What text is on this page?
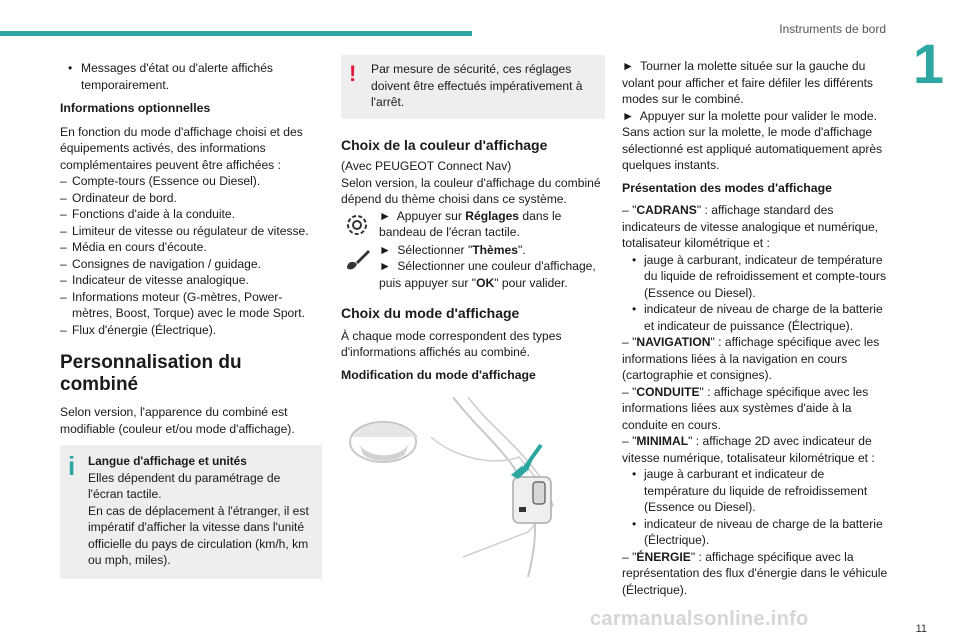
Instruments de bord
1
• Messages d'état ou d'alerte affichés temporairement.

Informations optionnelles

En fonction du mode d'affichage choisi et des équipements activés, des informations complémentaires peuvent être affichées :

– Compte-tours (Essence ou Diesel).
– Ordinateur de bord.
– Fonctions d'aide à la conduite.
– Limiteur de vitesse ou régulateur de vitesse.
– Média en cours d'écoute.
– Consignes de navigation / guidage.
– Indicateur de vitesse analogique.
– Informations moteur (G-mètres, Power-mètres, Boost, Torque) avec le mode Sport.
– Flux d'énergie (Électrique).

Personnalisation du combiné

Selon version, l'apparence du combiné est modifiable (couleur et/ou mode d'affichage).

i Langue d'affichage et unités

Elles dépendent du paramétrage de l'écran tactile.

En cas de déplacement à l'étranger, il est impératif d'afficher la vitesse dans l'unité officielle du pays de circulation (km/h, km ou mph, miles).

! Par mesure de sécurité, ces réglages doivent être effectués impérativement à l'arrêt.

Choix de la couleur d'affichage

(Avec PEUGEOT Connect Nav)

Selon version, la couleur d'affichage du combiné dépend du thème choisi dans ce système.

► Appuyer sur Réglages dans le bandeau de l'écran tactile.

► Sélectionner "Thèmes".
► Sélectionner une couleur d'affichage, puis appuyer sur "OK" pour valider.

Choix du mode d'affichage

À chaque mode correspondent des types d'informations affichés au combiné.

Modification du mode d'affichage

► Tourner la molette située sur la gauche du volant pour afficher et faire défiler les différents modes sur le combiné.

► Appuyer sur la molette pour valider le mode.

Sans action sur la molette, le mode d'affichage sélectionné est appliqué automatiquement après quelques instants.

Présentation des modes d'affichage

– "CADRANS" : affichage standard des indicateurs de vitesse analogique et numérique, totalisateur kilométrique et :

• jauge à carburant, indicateur de température du liquide de refroidissement et compte-tours (Essence ou Diesel).
• indicateur de niveau de charge de la batterie et indicateur de puissance (Électrique).

– "NAVIGATION" : affichage spécifique avec les informations liées à la navigation en cours (cartographie et consignes).

– "CONDUITE" : affichage spécifique avec les informations liées aux systèmes d'aide à la conduite en cours.

– "MINIMAL" : affichage 2D avec indicateur de vitesse numérique, totalisateur kilométrique et :

• jauge à carburant et indicateur de température du liquide de refroidissement (Essence ou Diesel).
• indicateur de niveau de charge de la batterie (Électrique).

– "ÉNERGIE" : affichage spécifique avec la représentation des flux d'énergie dans le véhicule (Électrique).

carmanualsonline.info	11
